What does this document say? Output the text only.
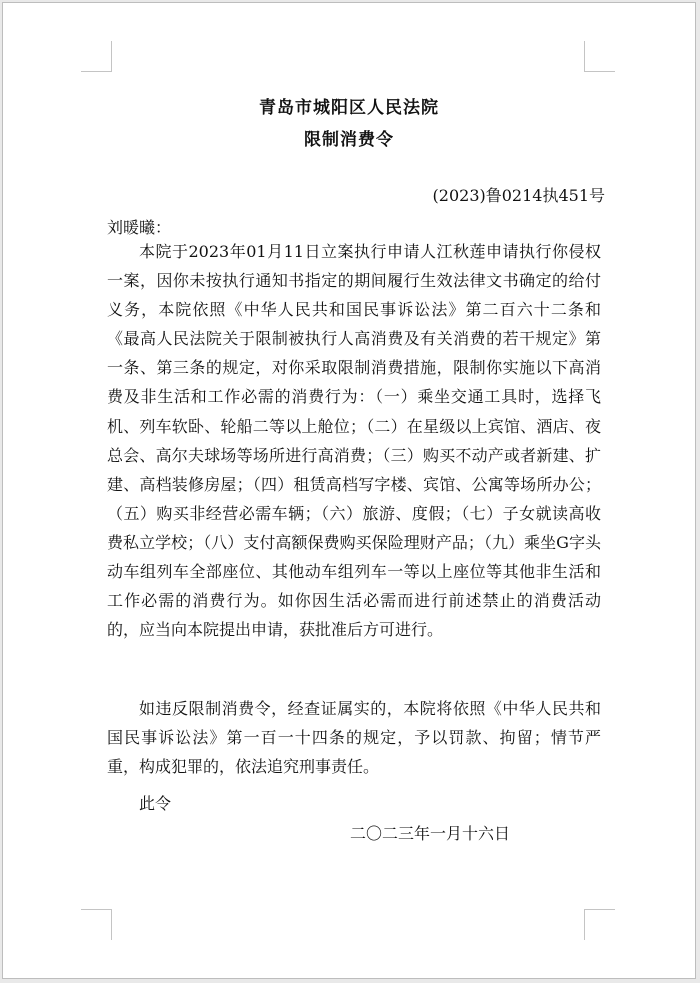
青岛市城阳区人民法院
限制消费令
(2023)鲁0214执451号
刘暖曦：

本院于2023年01月11日立案执行申请人江秋莲申请执行你侵权一案，因你未按执行通知书指定的期间履行生效法律文书确定的给付义务，本院依照《中华人民共和国民事诉讼法》第二百六十二条和《最高人民法院关于限制被执行人高消费及有关消费的若干规定》第一条、第三条的规定，对你采取限制消费措施，限制你实施以下高消费及非生活和工作必需的消费行为：（一）乘坐交通工具时，选择飞机、列车软卧、轮船二等以上舱位；（二）在星级以上宾馆、酒店、夜总会、高尔夫球场等场所进行高消费；（三）购买不动产或者新建、扩建、高档装修房屋；（四）租赁高档写字楼、宾馆、公寓等场所办公；（五）购买非经营必需车辆；（六）旅游、度假；（七）子女就读高收费私立学校；（八）支付高额保费购买保险理财产品；（九）乘坐G字头动车组列车全部座位、其他动车组列车一等以上座位等其他非生活和工作必需的消费行为。如你因生活必需而进行前述禁止的消费活动的，应当向本院提出申请，获批准后方可进行。

如违反限制消费令，经查证属实的，本院将依照《中华人民共和国民事诉讼法》第一百一十四条的规定，予以罚款、拘留；情节严重，构成犯罪的，依法追究刑事责任。

此令
二〇二三年一月十六日
